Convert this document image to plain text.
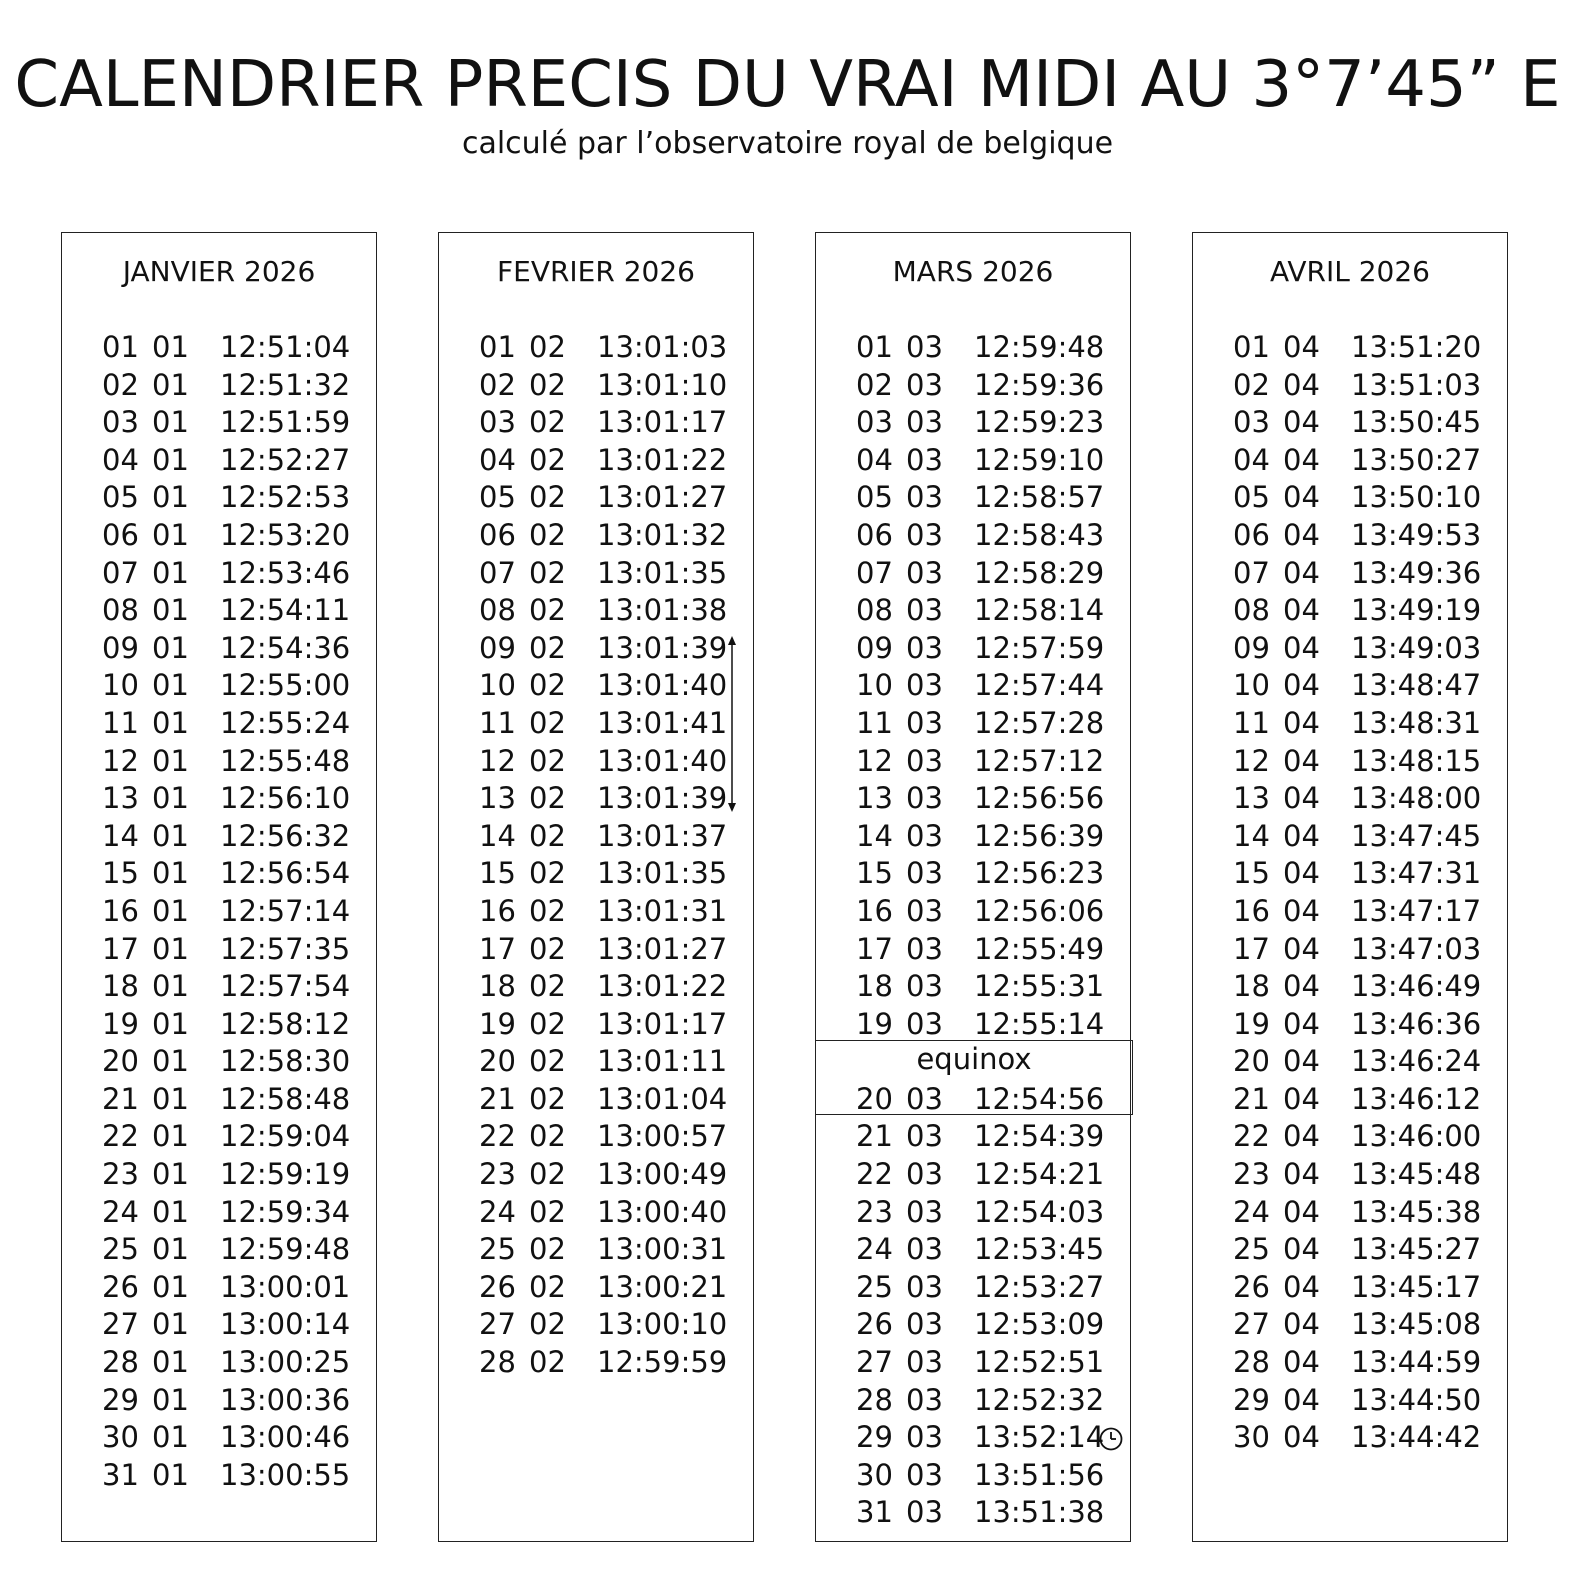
CALENDRIER PRECIS DU VRAI MIDI AU 3°7’45” E

calculé par l’observatoire royal de belgique

JANVIER 2026
01 01 12:51:04
02 01 12:51:32
03 01 12:51:59
04 01 12:52:27
05 01 12:52:53
06 01 12:53:20
07 01 12:53:46
08 01 12:54:11
09 01 12:54:36
10 01 12:55:00
11 01 12:55:24
12 01 12:55:48
13 01 12:56:10
14 01 12:56:32
15 01 12:56:54
16 01 12:57:14
17 01 12:57:35
18 01 12:57:54
19 01 12:58:12
20 01 12:58:30
21 01 12:58:48
22 01 12:59:04
23 01 12:59:19
24 01 12:59:34
25 01 12:59:48
26 01 13:00:01
27 01 13:00:14
28 01 13:00:25
29 01 13:00:36
30 01 13:00:46
31 01 13:00:55
FEVRIER 2026
01 02 13:01:03
02 02 13:01:10
03 02 13:01:17
04 02 13:01:22
05 02 13:01:27
06 02 13:01:32
07 02 13:01:35
08 02 13:01:38
09 02 13:01:39
10 02 13:01:40
11 02 13:01:41
12 02 13:01:40
13 02 13:01:39
14 02 13:01:37
15 02 13:01:35
16 02 13:01:31
17 02 13:01:27
18 02 13:01:22
19 02 13:01:17
20 02 13:01:11
21 02 13:01:04
22 02 13:00:57
23 02 13:00:49
24 02 13:00:40
25 02 13:00:31
26 02 13:00:21
27 02 13:00:10
28 02 12:59:59
MARS 2026
01 03 12:59:48
02 03 12:59:36
03 03 12:59:23
04 03 12:59:10
05 03 12:58:57
06 03 12:58:43
07 03 12:58:29
08 03 12:58:14
09 03 12:57:59
10 03 12:57:44
11 03 12:57:28
12 03 12:57:12
13 03 12:56:56
14 03 12:56:39
15 03 12:56:23
16 03 12:56:06
17 03 12:55:49
18 03 12:55:31
19 03 12:55:14
equinox
20 03 12:54:56
21 03 12:54:39
22 03 12:54:21
23 03 12:54:03
24 03 12:53:45
25 03 12:53:27
26 03 12:53:09
27 03 12:52:51
28 03 12:52:32
29 03 13:52:14
30 03 13:51:56
31 03 13:51:38
AVRIL 2026
01 04 13:51:20
02 04 13:51:03
03 04 13:50:45
04 04 13:50:27
05 04 13:50:10
06 04 13:49:53
07 04 13:49:36
08 04 13:49:19
09 04 13:49:03
10 04 13:48:47
11 04 13:48:31
12 04 13:48:15
13 04 13:48:00
14 04 13:47:45
15 04 13:47:31
16 04 13:47:17
17 04 13:47:03
18 04 13:46:49
19 04 13:46:36
20 04 13:46:24
21 04 13:46:12
22 04 13:46:00
23 04 13:45:48
24 04 13:45:38
25 04 13:45:27
26 04 13:45:17
27 04 13:45:08
28 04 13:44:59
29 04 13:44:50
30 04 13:44:42
